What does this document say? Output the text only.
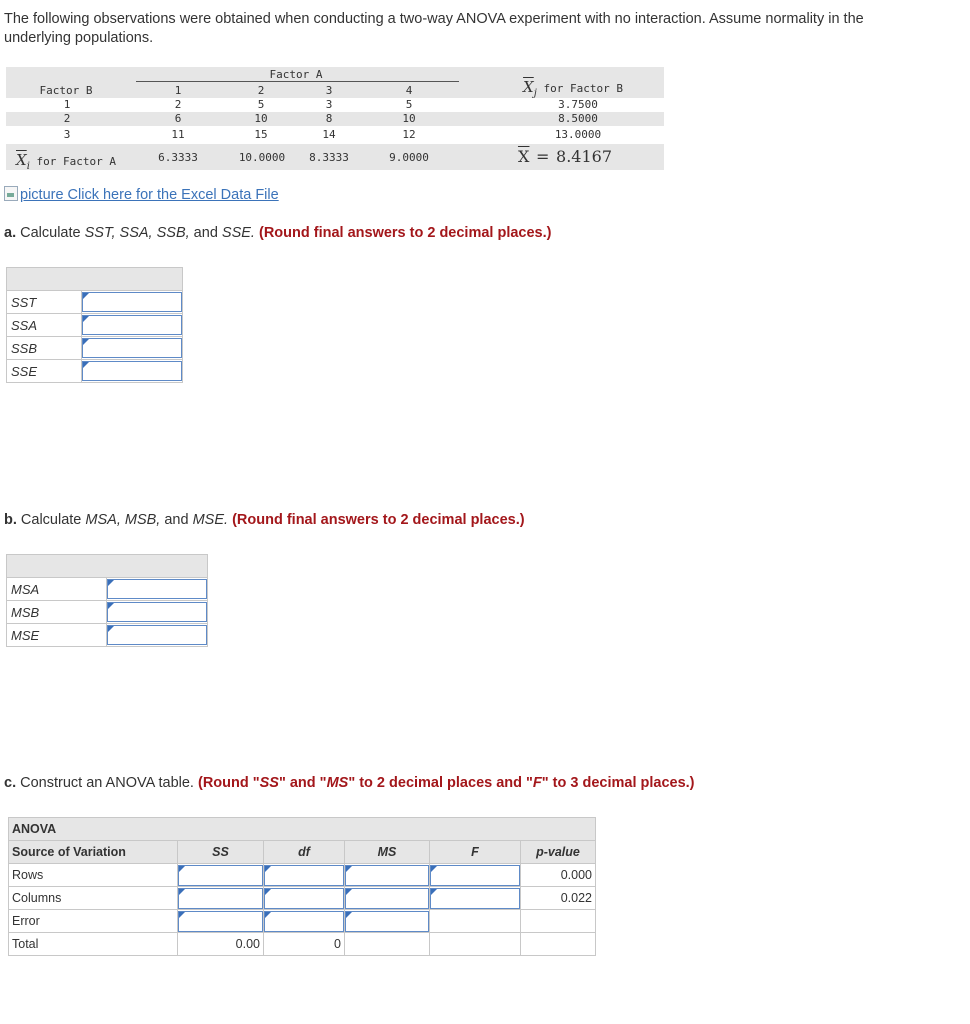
The following observations were obtained when conducting a two-way ANOVA experiment with no interaction. Assume normality in the underlying populations.
Factor A
Factor B	1	2	3	4	$\overline{X}_j$ for Factor B
1	2	5	3	5	3.7500
2	6	10	8	10	8.5000
3	11	15	14	12	13.0000
$\overline{X}_i$ for Factor A	6.3333	10.0000	8.3333	9.0000	X = 8.4167
picture Click here for the Excel Data File
a. Calculate SST, SSA, SSB, and SSE. (Round final answers to 2 decimal places.)

SST	

SSA	

SSB	

SSE	
b. Calculate MSA, MSB, and MSE. (Round final answers to 2 decimal places.)

MSA	

MSB	

MSE	
c. Construct an ANOVA table. (Round "SS" and "MS" to 2 decimal places and "F" to 3 decimal places.)
ANOVA					
Source of Variation	SS	df	MS	F	p-value
Rows					0.000
Columns					0.022
Error	

Total	0.00	0			
